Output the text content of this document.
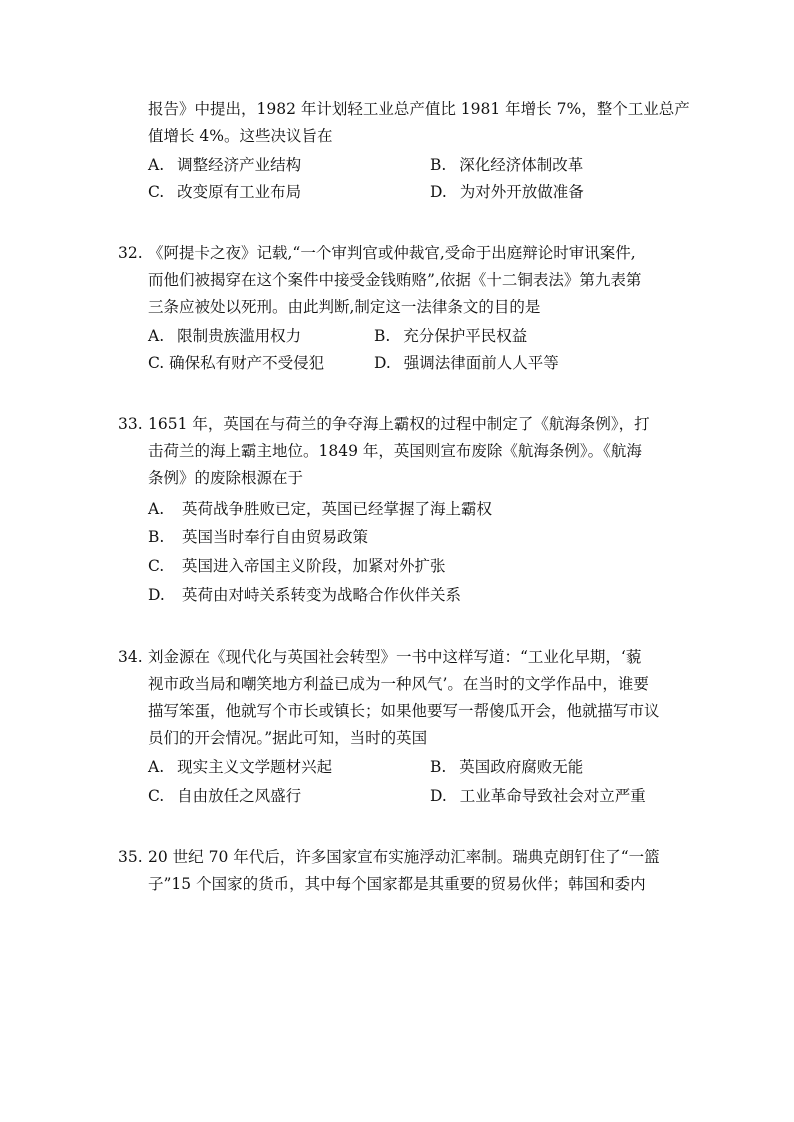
报告》中提出，1982 年计划轻工业总产值比 1981 年增长 7%，整个工业总产
值增长 4%。这些决议旨在
A. 调整经济产业结构	B. 深化经济体制改革
C. 改变原有工业布局	D. 为对外开放做准备
32. 《阿提卡之夜》记载,“一个审判官或仲裁官,受命于出庭辩论时审讯案件,
而他们被揭穿在这个案件中接受金钱贿赂”,依据《十二铜表法》第九表第
三条应被处以死刑。由此判断,制定这一法律条文的目的是
A. 限制贵族滥用权力	B. 充分保护平民权益
C. 确保私有财产不受侵犯	D. 强调法律面前人人平等
33. 1651 年，英国在与荷兰的争夺海上霸权的过程中制定了《航海条例》，打
击荷兰的海上霸主地位。1849 年，英国则宣布废除《航海条例》。《航海
条例》的废除根源在于
A. 英荷战争胜败已定，英国已经掌握了海上霸权
B. 英国当时奉行自由贸易政策
C. 英国进入帝国主义阶段，加紧对外扩张
D. 英荷由对峙关系转变为战略合作伙伴关系
34. 刘金源在《现代化与英国社会转型》一书中这样写道：“工业化早期，‘藐
视市政当局和嘲笑地方利益已成为一种风气’。在当时的文学作品中，谁要
描写笨蛋，他就写个市长或镇长；如果他要写一帮傻瓜开会，他就描写市议
员们的开会情况。”据此可知，当时的英国
A. 现实主义文学题材兴起	B. 英国政府腐败无能
C. 自由放任之风盛行	D. 工业革命导致社会对立严重
35. 20 世纪 70 年代后，许多国家宣布实施浮动汇率制。瑞典克朗钉住了“一篮
子”15 个国家的货币，其中每个国家都是其重要的贸易伙伴；韩国和委内
